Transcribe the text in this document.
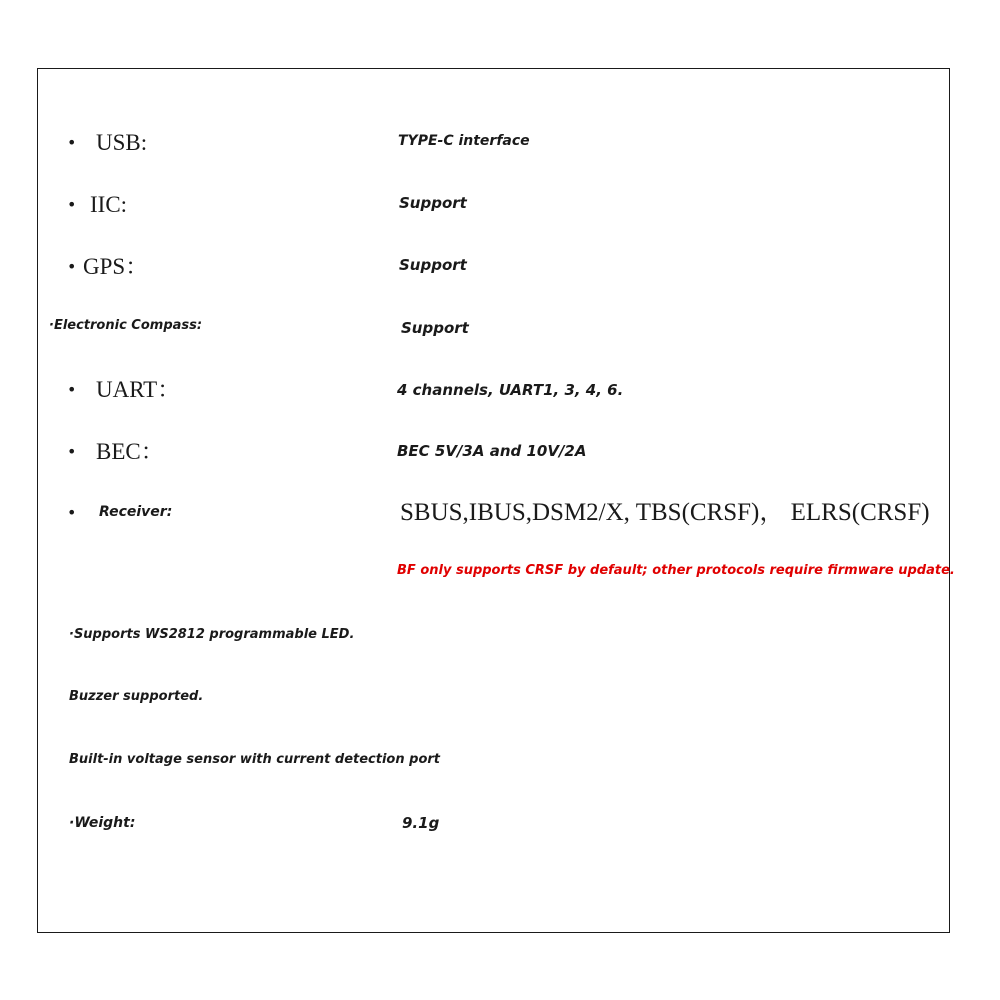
• USB:	TYPE-C interface
• IIC:	Support
• GPS：	Support
·Electronic Compass:	Support
• UART：	4 channels, UART1, 3, 4, 6.
• BEC：	BEC 5V/3A and 10V/2A
• Receiver:	SBUS,IBUS,DSM2/X, TBS(CRSF)， ELRS(CRSF)
BF only supports CRSF by default; other protocols require firmware update.
·Supports WS2812 programmable LED.
Buzzer supported.
Built-in voltage sensor with current detection port
·Weight:	9.1g
